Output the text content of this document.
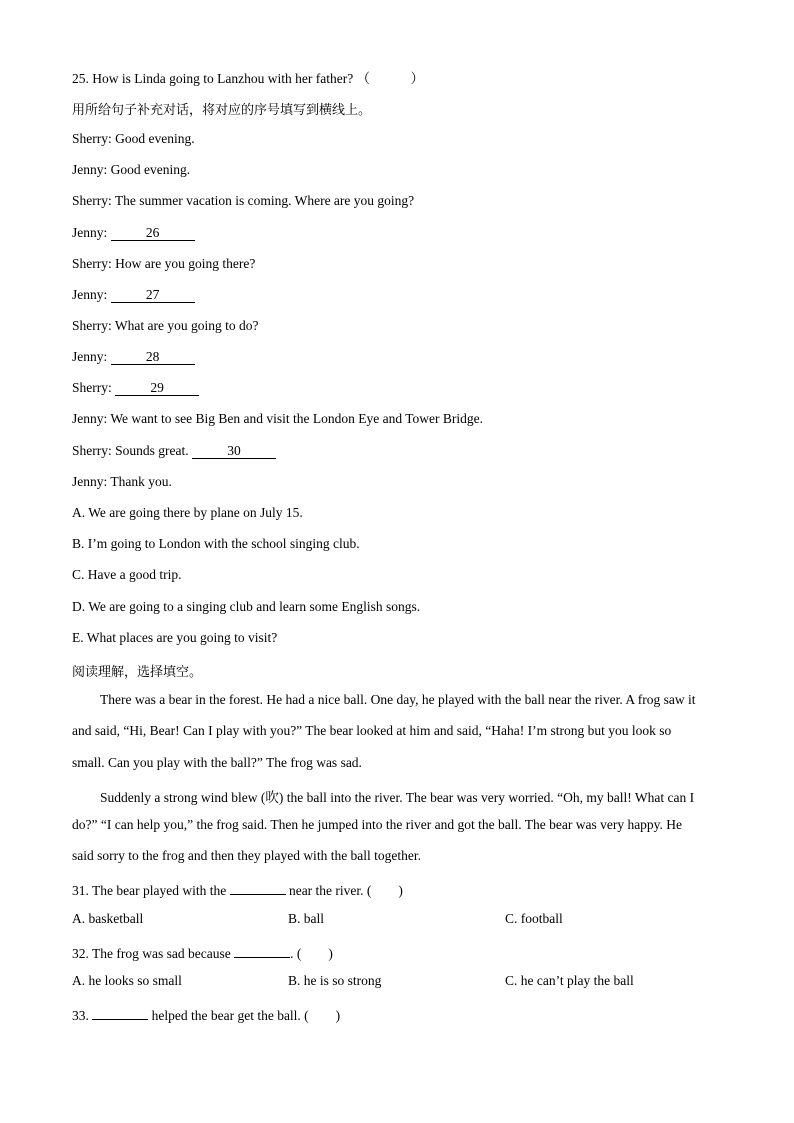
25. How is Linda going to Lanzhou with her father? （　　　）
用所给句子补充对话，将对应的序号填写到横线上。
Sherry: Good evening.
Jenny: Good evening.
Sherry: The summer vacation is coming. Where are you going?
Jenny:	26
Sherry: How are you going there?
Jenny:	27
Sherry: What are you going to do?
Jenny:	28
Sherry:	29
Jenny: We want to see Big Ben and visit the London Eye and Tower Bridge.
Sherry: Sounds great.	30
Jenny: Thank you.
A. We are going there by plane on July 15.
B. I’m going to London with the school singing club.
C. Have a good trip.
D. We are going to a singing club and learn some English songs.
E. What places are you going to visit?
阅读理解，选择填空。
There was a bear in the forest. He had a nice ball. One day, he played with the ball near the river. A frog saw it
and said, “Hi, Bear! Can I play with you?” The bear looked at him and said, “Haha! I’m strong but you look so
small. Can you play with the ball?” The frog was sad.
Suddenly a strong wind blew (吹) the ball into the river. The bear was very worried. “Oh, my ball! What can I
do?” “I can help you,” the frog said. Then he jumped into the river and got the ball. The bear was very happy. He
said sorry to the frog and then they played with the ball together.
31. The bear played with the	near the river. (　　)
A. basketball	B. ball	C. football
32. The frog was sad because	. (　　)
A. he looks so small	B. he is so strong	C. he can’t play the ball
33.	helped the bear get the ball. (　　)
